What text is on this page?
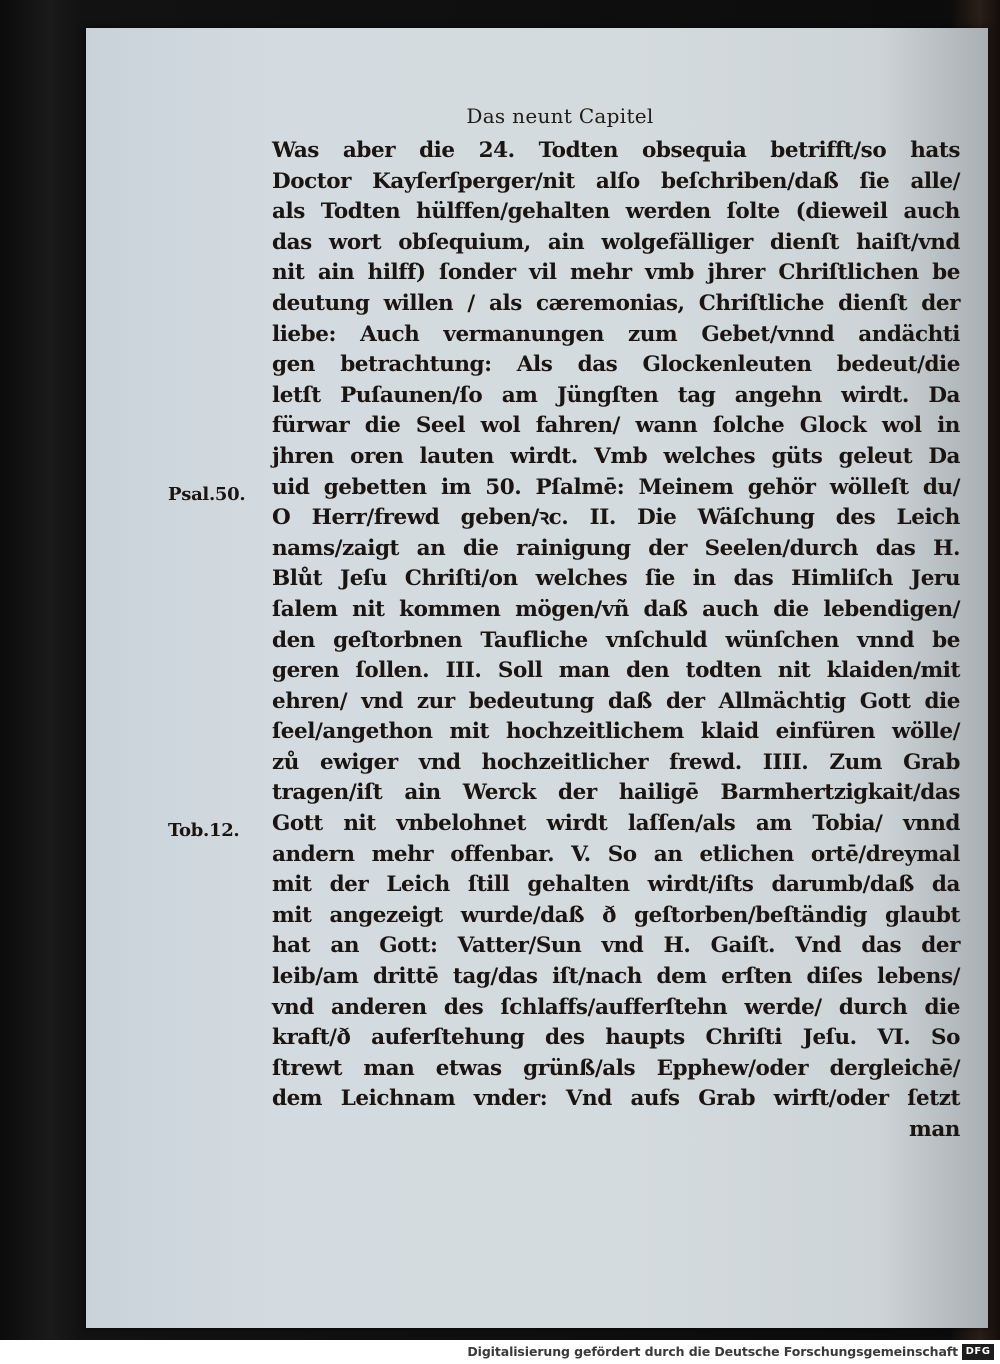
Das neunt Capitel
Psal.50.
Tob.12.
Was aber die 24. Todten obsequia betrifft/so hats
Doctor Kayſerſperger/nit alſo beſchriben/daß ſie alle/
als Todten hülffen/gehalten werden ſolte (dieweil auch
das wort obſequium, ain wolgefälliger dienſt haiſt/vnd
nit ain hilff) ſonder vil mehr vmb jhrer Chriſtlichen be
deutung willen / als cæremonias, Chriſtliche dienſt der
liebe: Auch vermanungen zum Gebet/vnnd andächti
gen betrachtung: Als das Glockenleuten bedeut/die
letſt Puſaunen/ſo am Jüngſten tag angehn wirdt. Da
fürwar die Seel wol fahren/ wann ſolche Glock wol in
jhren oren lauten wirdt. Vmb welches güts geleut Da
uid gebetten im 50. Pſalmē: Meinem gehör wölleſt du/
O Herr/frewd geben/ꝛc. II. Die Wäſchung des Leich
nams/zaigt an die rainigung der Seelen/durch das H.
Blůt Jeſu Chriſti/on welches ſie in das Himliſch Jeru
ſalem nit kommen mögen/vñ daß auch die lebendigen/
den geſtorbnen Taufliche vnſchuld wünſchen vnnd be
geren ſollen. III. Soll man den todten nit klaiden/mit
ehren/ vnd zur bedeutung daß der Allmächtig Gott die
ſeel/angethon mit hochzeitlichem klaid einfüren wölle/
zů ewiger vnd hochzeitlicher frewd. IIII. Zum Grab
tragen/iſt ain Werck der hailigē Barmhertzigkait/das
Gott nit vnbelohnet wirdt laſſen/als am Tobia/ vnnd
andern mehr offenbar. V. So an etlichen ortē/dreymal
mit der Leich ſtill gehalten wirdt/iſts darumb/daß da
mit angezeigt wurde/daß ð geſtorben/beſtändig glaubt
hat an Gott: Vatter/Sun vnd H. Gaiſt. Vnd das der
leib/am drittē tag/das iſt/nach dem erſten diſes lebens/
vnd anderen des ſchlaffs/aufferſtehn werde/ durch die
kraft/ð auferſtehung des haupts Chriſti Jeſu. VI. So
ſtrewt man etwas grünß/als Epphew/oder dergleichē/
dem Leichnam vnder: Vnd aufs Grab wirft/oder ſetzt
man
Digitalisierung gefördert durch die Deutsche Forschungsgemeinschaft DFG
